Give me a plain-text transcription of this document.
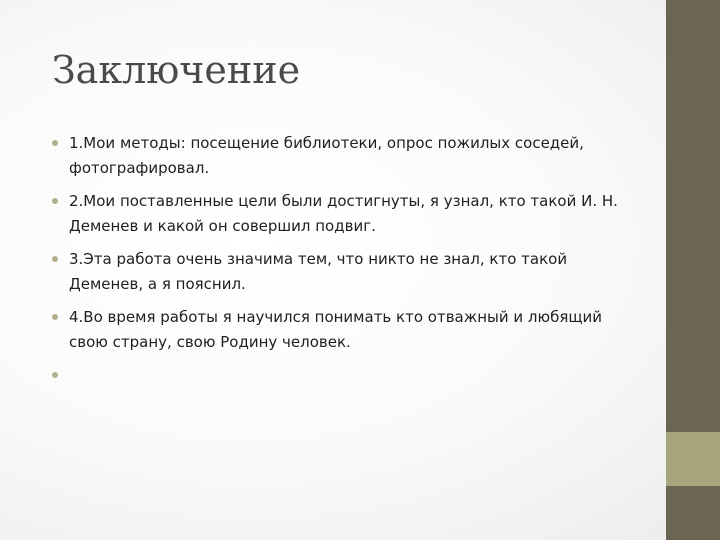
Заключение
1.Мои методы: посещение библиотеки, опрос пожилых соседей, фотографировал.
2.Мои поставленные цели были достигнуты, я узнал, кто такой И. Н. Деменев и какой он совершил подвиг.
3.Эта работа очень значима тем, что никто не знал, кто такой Деменев, а я пояснил.
4.Во время работы я научился понимать кто отважный и любящий свою страну, свою Родину человек.
